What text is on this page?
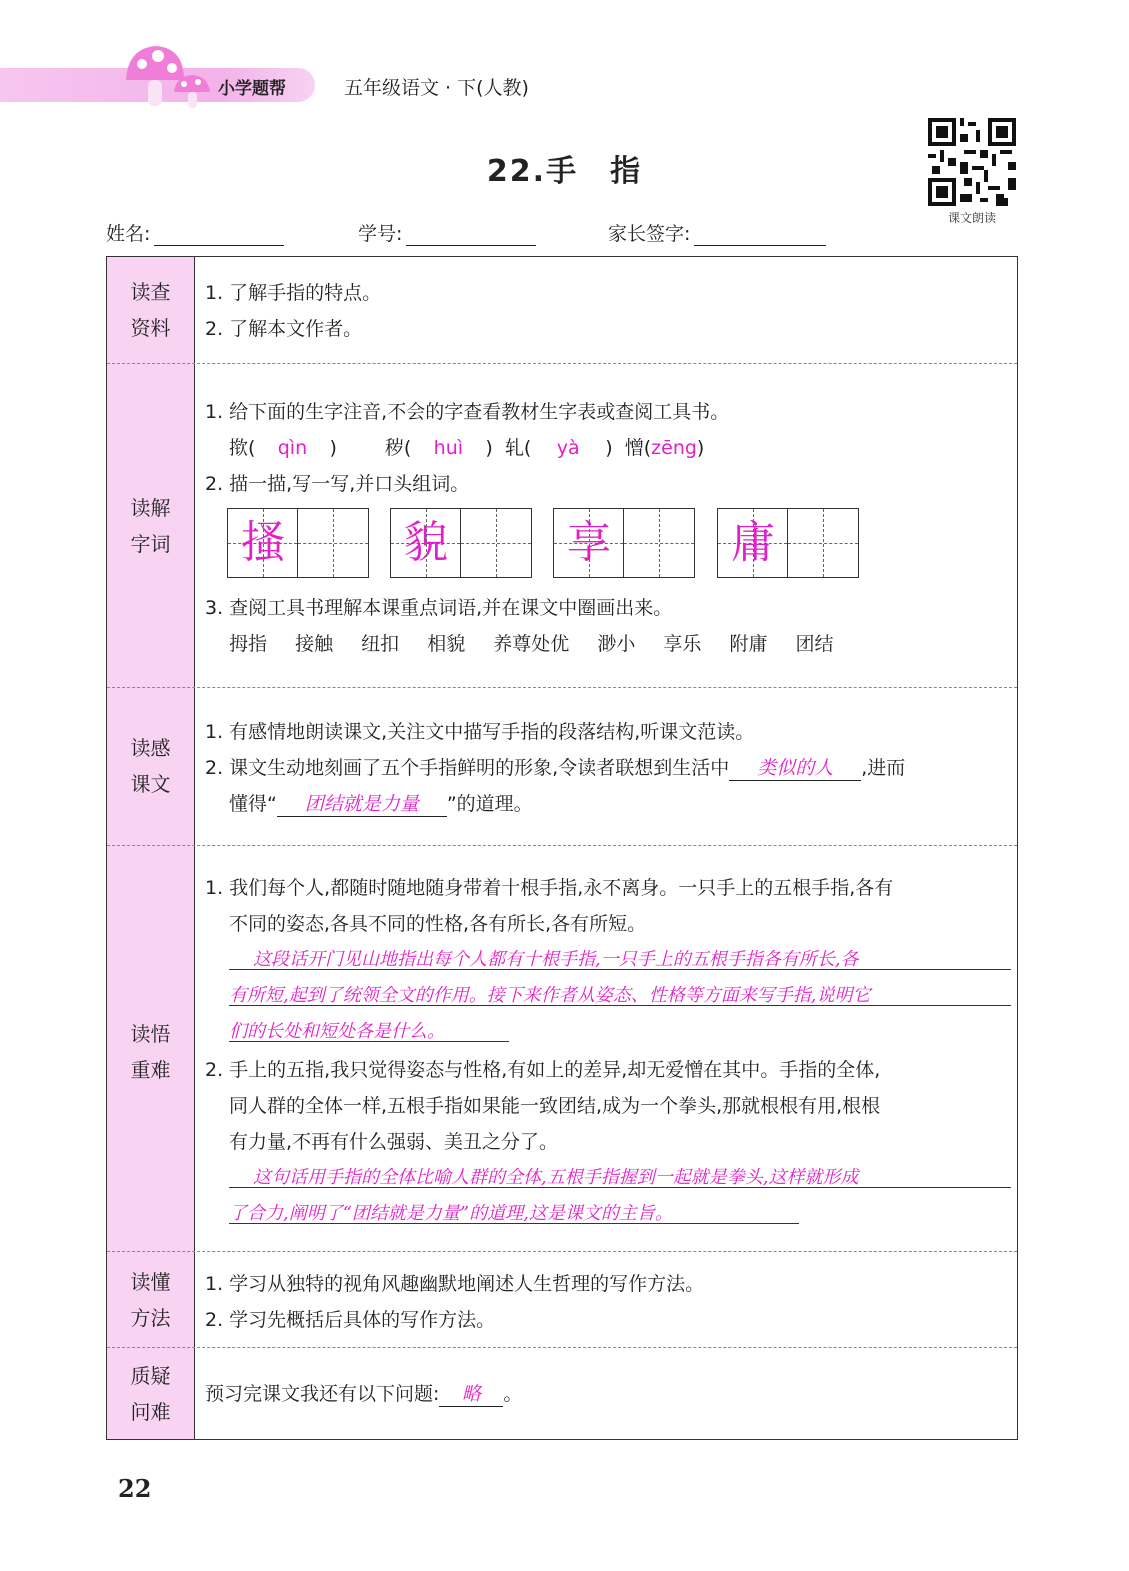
小学题帮	五年级语文 · 下(人教)
22.手　指
课文朗读
姓名:	学号:	家长签字:
读查
资料
1. 了解手指的特点。
2. 了解本文作者。
读解
字词
1. 给下面的生字注音,不会的字查看教材生字表或查阅工具书。
揿( qìn )	秽( huì ) 轧( yà ) 憎(zēng)
2. 描一描,写一写,并口头组词。
搔	貌	享	庸
3. 查阅工具书理解本课重点词语,并在课文中圈画出来。
拇指 接触 纽扣 相貌 养尊处优 渺小 享乐 附庸 团结
读感
课文
1. 有感情地朗读课文,关注文中描写手指的段落结构,听课文范读。
2. 课文生动地刻画了五个手指鲜明的形象,令读者联想到生活中 类似的人 ,进而
懂得“ 团结就是力量 ”的道理。
读悟
重难
1. 我们每个人,都随时随地随身带着十根手指,永不离身。一只手上的五根手指,各有
不同的姿态,各具不同的性格,各有所长,各有所短。
这段话开门见山地指出每个人都有十根手指,一只手上的五根手指各有所长,各
有所短,起到了统领全文的作用。接下来作者从姿态、性格等方面来写手指,说明它
们的长处和短处各是什么。
2. 手上的五指,我只觉得姿态与性格,有如上的差异,却无爱憎在其中。手指的全体,
同人群的全体一样,五根手指如果能一致团结,成为一个拳头,那就根根有用,根根
有力量,不再有什么强弱、美丑之分了。
这句话用手指的全体比喻人群的全体,五根手指握到一起就是拳头,这样就形成
了合力,阐明了“团结就是力量”的道理,这是课文的主旨。
读懂
方法
1. 学习从独特的视角风趣幽默地阐述人生哲理的写作方法。
2. 学习先概括后具体的写作方法。
质疑
问难
预习完课文我还有以下问题: 略 。
22
